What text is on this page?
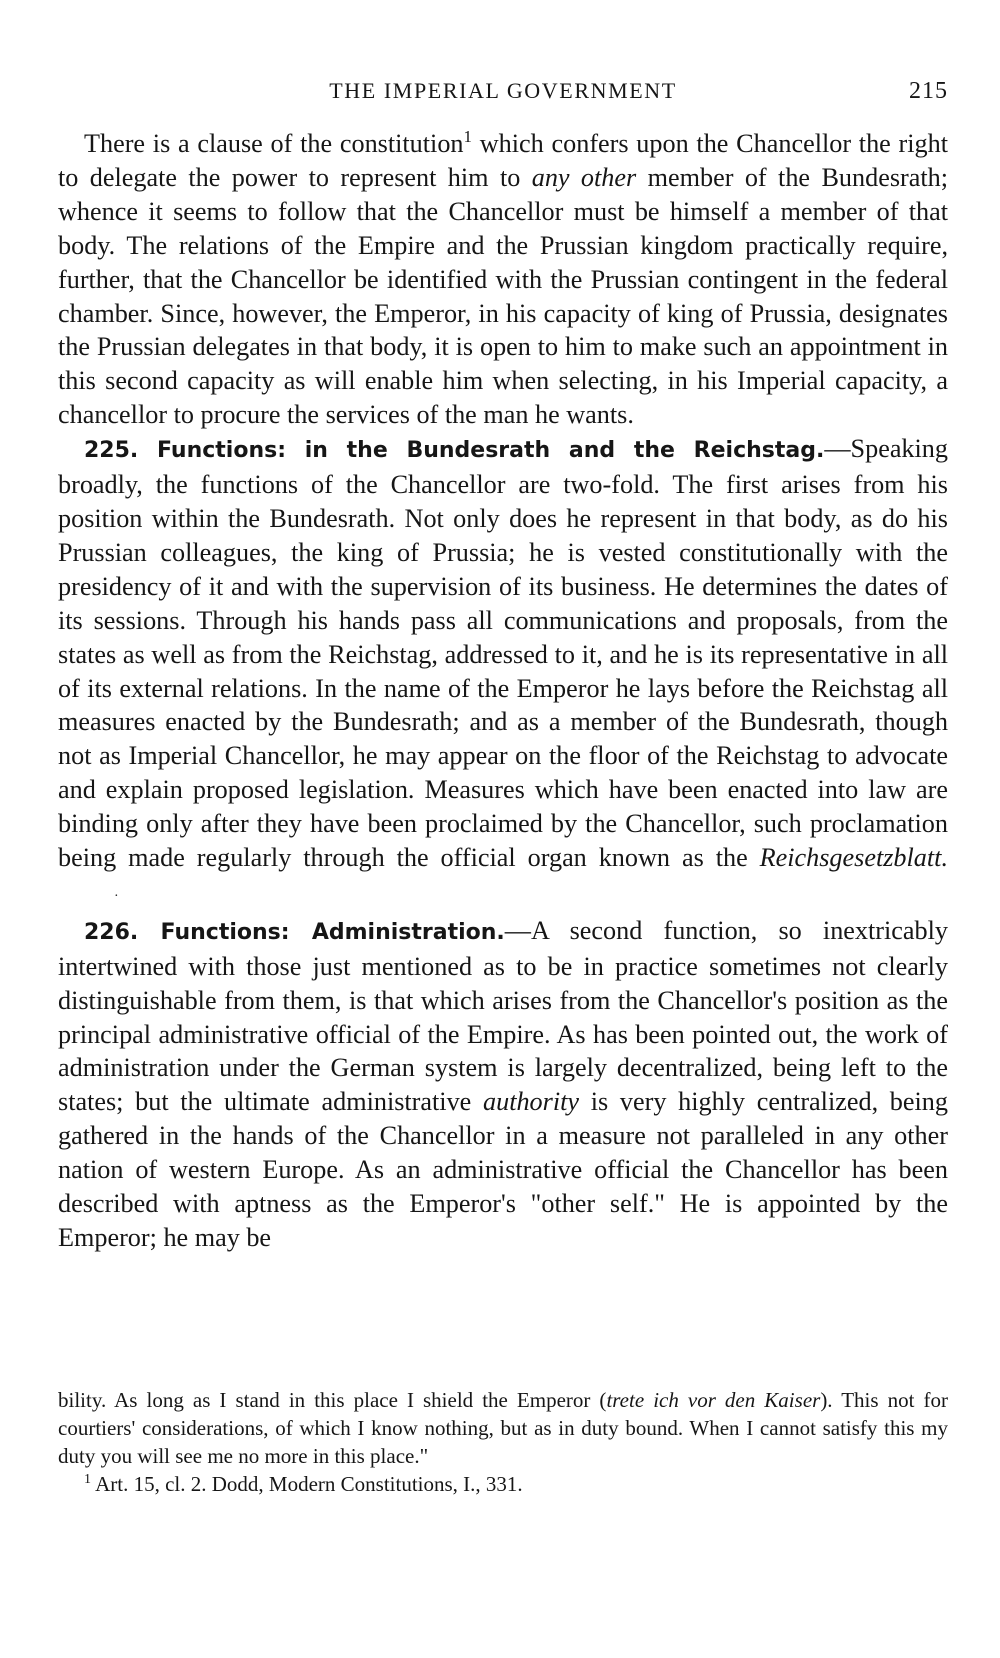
THE IMPERIAL GOVERNMENT	215

There is a clause of the constitution$^1$ which confers upon the Chancellor the right to delegate the power to represent him to any other member of the Bundesrath; whence it seems to follow that the Chancellor must be himself a member of that body. The relations of the Empire and the Prussian kingdom practically require, further, that the Chancellor be identified with the Prussian contingent in the federal chamber. Since, however, the Emperor, in his capacity of king of Prussia, designates the Prussian delegates in that body, it is open to him to make such an appointment in this second capacity as will enable him when selecting, in his Imperial capacity, a chancellor to procure the services of the man he wants.

225. Functions: in the Bundesrath and the Reichstag.—Speaking broadly, the functions of the Chancellor are two-fold. The first arises from his position within the Bundesrath. Not only does he represent in that body, as do his Prussian colleagues, the king of Prussia; he is vested constitutionally with the presidency of it and with the supervision of its business. He determines the dates of its sessions. Through his hands pass all communications and proposals, from the states as well as from the Reichstag, addressed to it, and he is its representative in all of its external relations. In the name of the Emperor he lays before the Reichstag all measures enacted by the Bundesrath; and as a member of the Bundesrath, though not as Imperial Chancellor, he may appear on the floor of the Reichstag to advocate and explain proposed legislation. Measures which have been enacted into law are binding only after they have been proclaimed by the Chancellor, such proclamation being made regularly through the official organ known as the Reichsgesetzblatt.·

226. Functions: Administration.—A second function, so inextricably intertwined with those just mentioned as to be in practice sometimes not clearly distinguishable from them, is that which arises from the Chancellor's position as the principal administrative official of the Empire. As has been pointed out, the work of administration under the German system is largely decentralized, being left to the states; but the ultimate administrative authority is very highly centralized, being gathered in the hands of the Chancellor in a measure not paralleled in any other nation of western Europe. As an administrative official the Chancellor has been described with aptness as the Emperor's "other self." He is appointed by the Emperor; he may be

bility. As long as I stand in this place I shield the Emperor (trete ich vor den Kaiser). This not for courtiers' considerations, of which I know nothing, but as in duty bound. When I cannot satisfy this my duty you will see me no more in this place."

$^1$ Art. 15, cl. 2. Dodd, Modern Constitutions, I., 331.
